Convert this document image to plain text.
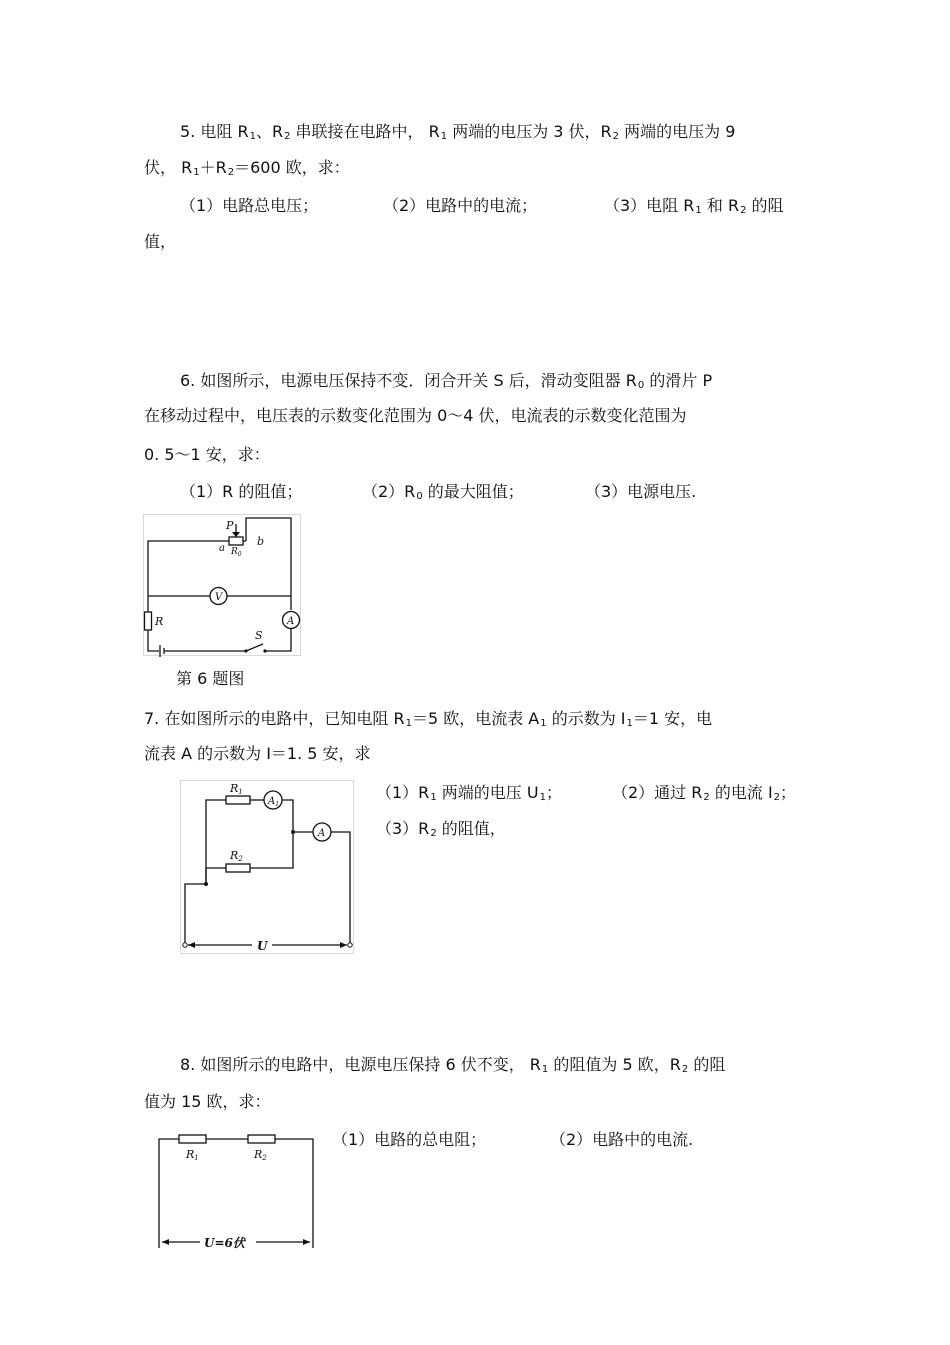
5. 电阻 R1、R2 串联接在电路中， R1 两端的电压为 3 伏，R2 两端的电压为 9
伏， R1＋R2＝600 欧，求：
（1）电路总电压；	（2）电路中的电流；	（3）电阻 R1 和 R2 的阻
值，
6. 如图所示，电源电压保持不变．闭合开关 S 后，滑动变阻器 R0 的滑片 P
在移动过程中，电压表的示数变化范围为 0～4 伏，电流表的示数变化范围为
0. 5～1 安，求：
（1）R 的阻值；	（2）R0 的最大阻值；	（3）电源电压.
P
a
b
$R_0$
R
S
V
A
第 6 题图
7. 在如图所示的电路中，已知电阻 R1＝5 欧，电流表 A1 的示数为 I1＝1 安，电
流表 A 的示数为 I＝1. 5 安，求
R1
$A_1$
R2
A
U
（1）R1 两端的电压 U1；	（2）通过 R2 的电流 I2；
（3）R2 的阻值，
8. 如图所示的电路中，电源电压保持 6 伏不变， R1 的阻值为 5 欧，R2 的阻
值为 15 欧，求：
R1	R2
U=6伏
（1）电路的总电阻；	（2）电路中的电流.
